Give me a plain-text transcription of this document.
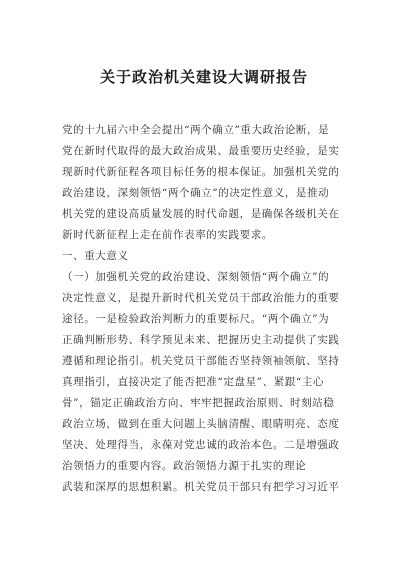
关于政治机关建设大调研报告
党的十九届六中全会提出“两个确立”重大政治论断，是
党在新时代取得的最大政治成果、最重要历史经验，是实
现新时代新征程各项目标任务的根本保证。加强机关党的
政治建设，深刻领悟“两个确立”的决定性意义，是推动
机关党的建设高质量发展的时代命题，是确保各级机关在
新时代新征程上走在前作表率的实践要求。
一、重大意义
（一）加强机关党的政治建设、深刻领悟“两个确立”的
决定性意义，是提升新时代机关党员干部政治能力的重要
途径。一是检验政治判断力的重要标尺。“两个确立”为
正确判断形势、科学预见未来、把握历史主动提供了实践
遵循和理论指引。机关党员干部能否坚持领袖领航、坚持
真理指引，直接决定了能否把准“定盘星”、紧跟“主心
骨”，锚定正确政治方向、牢牢把握政治原则、时刻站稳
政治立场，做到在重大问题上头脑清醒、眼睛明亮、态度
坚决、处理得当，永葆对党忠诚的政治本色。二是增强政
治领悟力的重要内容。政治领悟力源于扎实的理论
武装和深厚的思想积累。机关党员干部只有把学习习近平
